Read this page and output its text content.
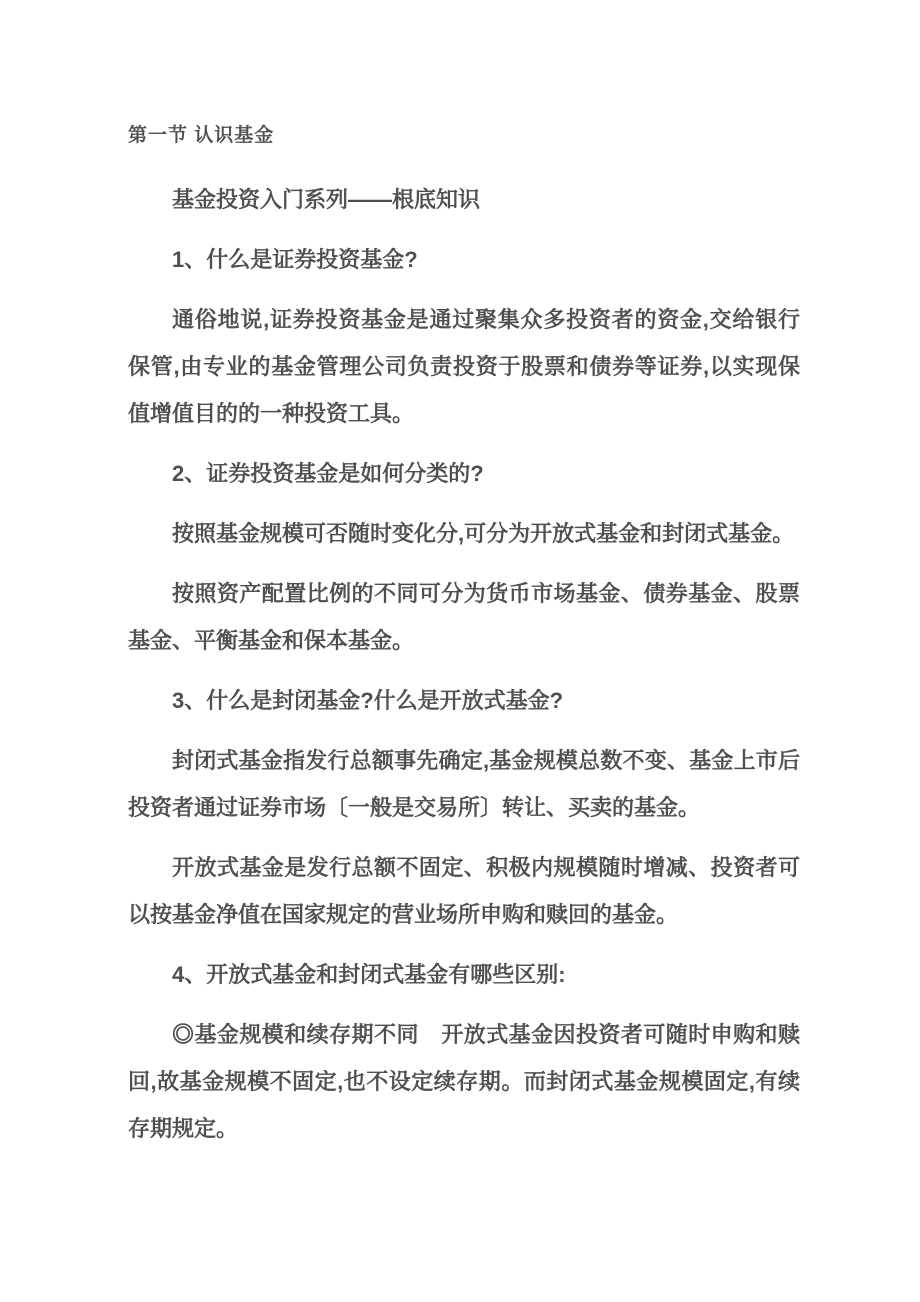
第一节 认识基金

基金投资入门系列——根底知识

1、什么是证券投资基金?

通俗地说,证券投资基金是通过聚集众多投资者的资金,交给银行保管,由专业的基金管理公司负责投资于股票和债券等证券,以实现保值增值目的的一种投资工具。

2、证券投资基金是如何分类的?

按照基金规模可否随时变化分,可分为开放式基金和封闭式基金。

按照资产配置比例的不同可分为货币市场基金、债券基金、股票基金、平衡基金和保本基金。

3、什么是封闭基金?什么是开放式基金?

封闭式基金指发行总额事先确定,基金规模总数不变、基金上市后投资者通过证券市场〔一般是交易所〕转让、买卖的基金。

开放式基金是发行总额不固定、积极内规模随时增减、投资者可以按基金净值在国家规定的营业场所申购和赎回的基金。

4、开放式基金和封闭式基金有哪些区别:

◎基金规模和续存期不同　开放式基金因投资者可随时申购和赎回,故基金规模不固定,也不设定续存期。而封闭式基金规模固定,有续存期规定。
